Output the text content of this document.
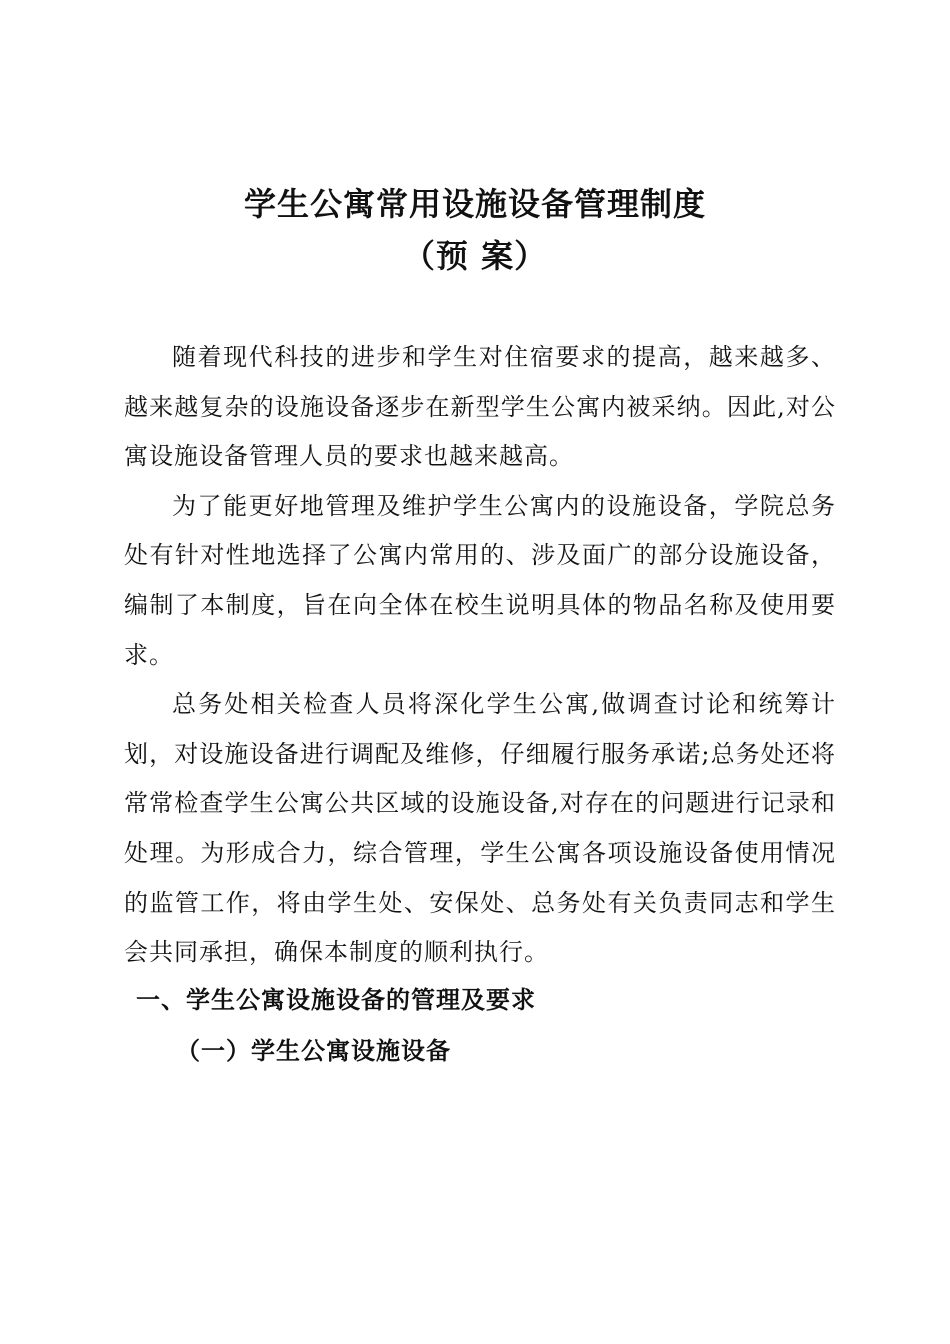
学生公寓常用设施设备管理制度
（预 案）

随着现代科技的进步和学生对住宿要求的提高，越来越多、越来越复杂的设施设备逐步在新型学生公寓内被采纳。因此,对公寓设施设备管理人员的要求也越来越高。

为了能更好地管理及维护学生公寓内的设施设备，学院总务处有针对性地选择了公寓内常用的、涉及面广的部分设施设备，编制了本制度，旨在向全体在校生说明具体的物品名称及使用要求。

总务处相关检查人员将深化学生公寓,做调查讨论和统筹计划，对设施设备进行调配及维修，仔细履行服务承诺;总务处还将常常检查学生公寓公共区域的设施设备,对存在的问题进行记录和处理。为形成合力，综合管理，学生公寓各项设施设备使用情况的监管工作，将由学生处、安保处、总务处有关负责同志和学生会共同承担，确保本制度的顺利执行。

一、学生公寓设施设备的管理及要求
（一）学生公寓设施设备
